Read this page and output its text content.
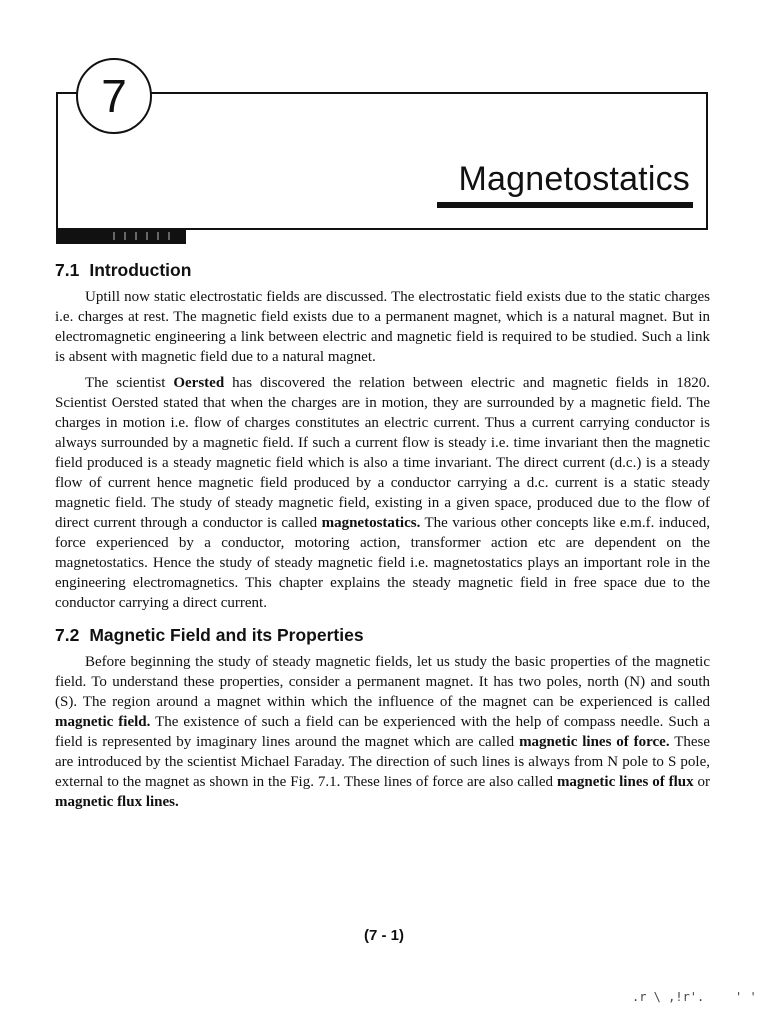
7
Magnetostatics
7.1 Introduction

Uptill now static electrostatic fields are discussed. The electrostatic field exists due to the static charges i.e. charges at rest. The magnetic field exists due to a permanent magnet, which is a natural magnet. But in electromagnetic engineering a link between electric and magnetic field is required to be studied. Such a link is absent with magnetic field due to a natural magnet.

The scientist Oersted has discovered the relation between electric and magnetic fields in 1820. Scientist Oersted stated that when the charges are in motion, they are surrounded by a magnetic field. The charges in motion i.e. flow of charges constitutes an electric current. Thus a current carrying conductor is always surrounded by a magnetic field. If such a current flow is steady i.e. time invariant then the magnetic field produced is a steady magnetic field which is also a time invariant. The direct current (d.c.) is a steady flow of current hence magnetic field produced by a conductor carrying a d.c. current is a static steady magnetic field. The study of steady magnetic field, existing in a given space, produced due to the flow of direct current through a conductor is called magnetostatics. The various other concepts like e.m.f. induced, force experienced by a conductor, motoring action, transformer action etc are dependent on the magnetostatics. Hence the study of steady magnetic field i.e. magnetostatics plays an important role in the engineering electromagnetics. This chapter explains the steady magnetic field in free space due to the conductor carrying a direct current.

7.2 Magnetic Field and its Properties

Before beginning the study of steady magnetic fields, let us study the basic properties of the magnetic field. To understand these properties, consider a permanent magnet. It has two poles, north (N) and south (S). The region around a magnet within which the influence of the magnet can be experienced is called magnetic field. The existence of such a field can be experienced with the help of compass needle. Such a field is represented by imaginary lines around the magnet which are called magnetic lines of force. These are introduced by the scientist Michael Faraday. The direction of such lines is always from N pole to S pole, external to the magnet as shown in the Fig. 7.1. These lines of force are also called magnetic lines of flux or magnetic flux lines.

(7 - 1)
.r \ ,!r'.	' '
